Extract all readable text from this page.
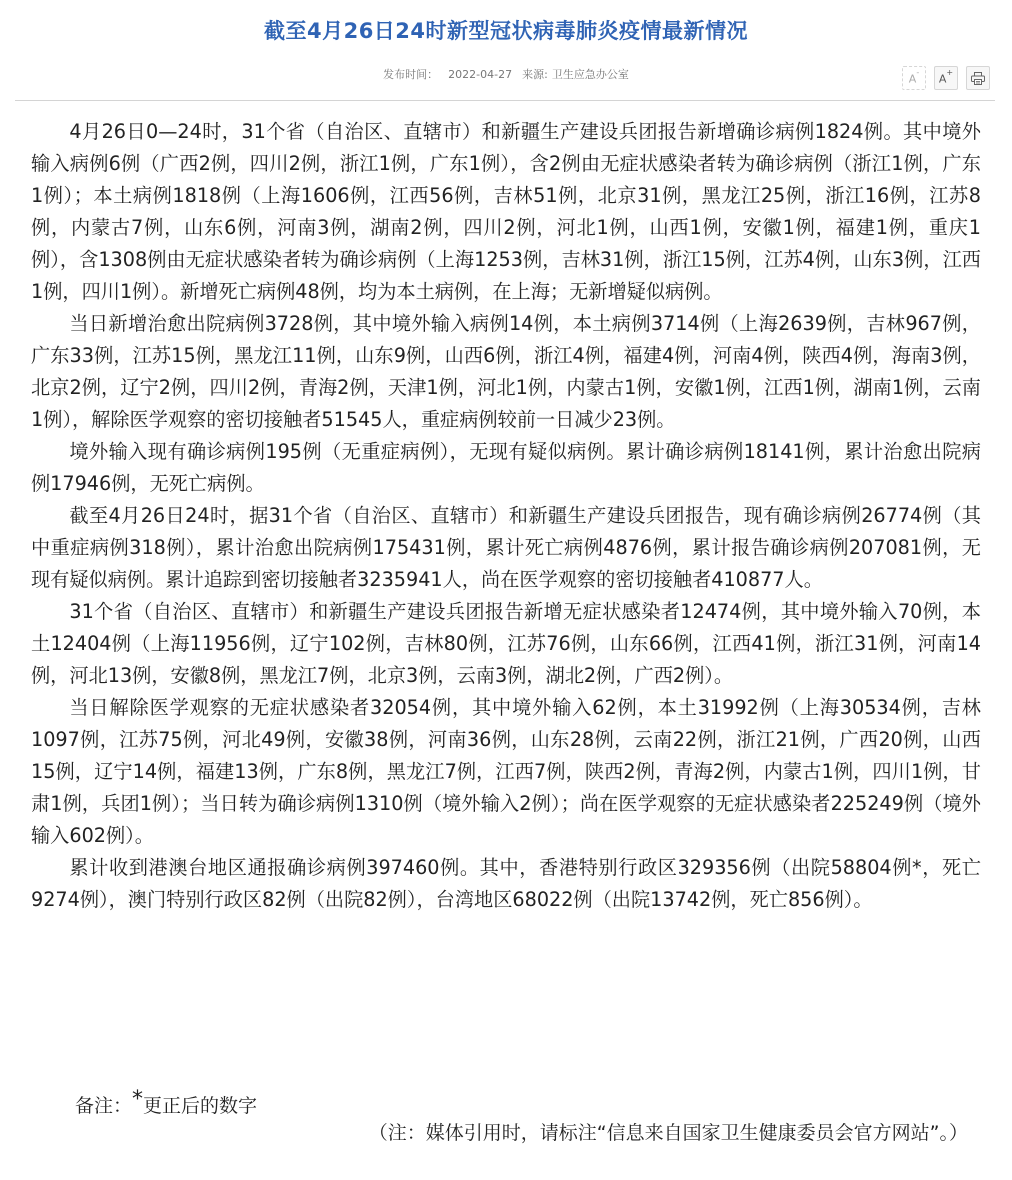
截至4月26日24时新型冠状病毒肺炎疫情最新情况
发布时间： 2022-04-27 来源: 卫生应急办公室	A-
A+

4月26日0—24时，31个省（自治区、直辖市）和新疆生产建设兵团报告新增确诊病例1824例。其中境外输入病例6例（广西2例，四川2例，浙江1例，广东1例），含2例由无症状感染者转为确诊病例（浙江1例，广东1例）；本土病例1818例（上海1606例，江西56例，吉林51例，北京31例，黑龙江25例，浙江16例，江苏8例，内蒙古7例，山东6例，河南3例，湖南2例，四川2例，河北1例，山西1例，安徽1例，福建1例，重庆1例），含1308例由无症状感染者转为确诊病例（上海1253例，吉林31例，浙江15例，江苏4例，山东3例，江西1例，四川1例）。新增死亡病例48例，均为本土病例，在上海；无新增疑似病例。

当日新增治愈出院病例3728例，其中境外输入病例14例，本土病例3714例（上海2639例，吉林967例，广东33例，江苏15例，黑龙江11例，山东9例，山西6例，浙江4例，福建4例，河南4例，陕西4例，海南3例，北京2例，辽宁2例，四川2例，青海2例，天津1例，河北1例，内蒙古1例，安徽1例，江西1例，湖南1例，云南1例），解除医学观察的密切接触者51545人，重症病例较前一日减少23例。

境外输入现有确诊病例195例（无重症病例），无现有疑似病例。累计确诊病例18141例，累计治愈出院病例17946例，无死亡病例。

截至4月26日24时，据31个省（自治区、直辖市）和新疆生产建设兵团报告，现有确诊病例26774例（其中重症病例318例），累计治愈出院病例175431例，累计死亡病例4876例，累计报告确诊病例207081例，无现有疑似病例。累计追踪到密切接触者3235941人，尚在医学观察的密切接触者410877人。

31个省（自治区、直辖市）和新疆生产建设兵团报告新增无症状感染者12474例，其中境外输入70例，本土12404例（上海11956例，辽宁102例，吉林80例，江苏76例，山东66例，江西41例，浙江31例，河南14例，河北13例，安徽8例，黑龙江7例，北京3例，云南3例，湖北2例，广西2例）。

当日解除医学观察的无症状感染者32054例，其中境外输入62例，本土31992例（上海30534例，吉林1097例，江苏75例，河北49例，安徽38例，河南36例，山东28例，云南22例，浙江21例，广西20例，山西15例，辽宁14例，福建13例，广东8例，黑龙江7例，江西7例，陕西2例，青海2例，内蒙古1例，四川1例，甘肃1例，兵团1例）；当日转为确诊病例1310例（境外输入2例）；尚在医学观察的无症状感染者225249例（境外输入602例）。

累计收到港澳台地区通报确诊病例397460例。其中，香港特别行政区329356例（出院58804例*，死亡9274例），澳门特别行政区82例（出院82例），台湾地区68022例（出院13742例，死亡856例）。

备注：*更正后的数字
（注：媒体引用时，请标注“信息来自国家卫生健康委员会官方网站”。）
